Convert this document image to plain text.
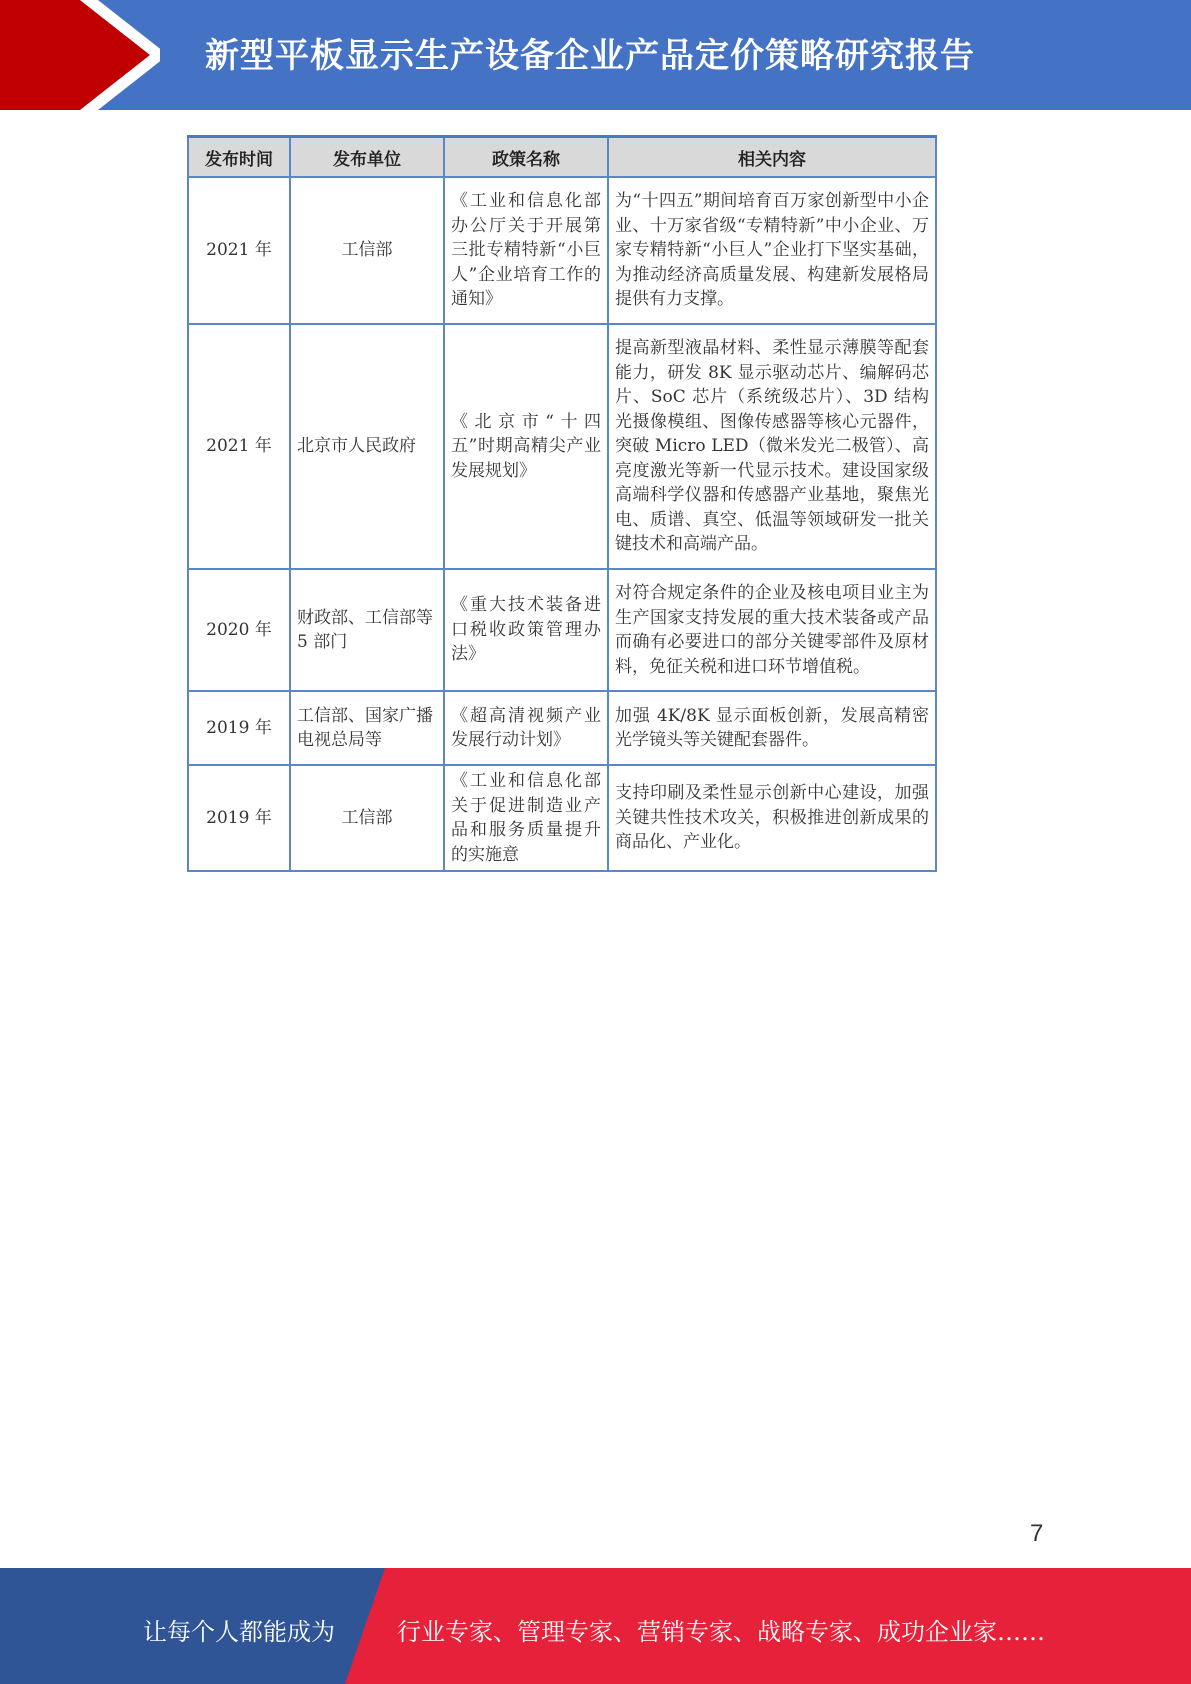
新型平板显示生产设备企业产品定价策略研究报告
发布时间	发布单位	政策名称	相关内容
2021 年	工信部	《工业和信息化部办公厅关于开展第三批专精特新“小巨人”企业培育工作的通知》	为“十四五”期间培育百万家创新型中小企业、十万家省级“专精特新”中小企业、万家专精特新“小巨人”企业打下坚实基础，为推动经济高质量发展、构建新发展格局提供有力支撑。
2021 年	北京市人民政府	《北京市“十四五”时期高精尖产业发展规划》	提高新型液晶材料、柔性显示薄膜等配套能力，研发 8K 显示驱动芯片、编解码芯片、SoC 芯片（系统级芯片）、3D 结构光摄像模组、图像传感器等核心元器件，突破 Micro LED（微米发光二极管）、高亮度激光等新一代显示技术。建设国家级高端科学仪器和传感器产业基地，聚焦光电、质谱、真空、低温等领域研发一批关键技术和高端产品。
2020 年	财政部、工信部等 5 部门	《重大技术装备进口税收政策管理办法》	对符合规定条件的企业及核电项目业主为生产国家支持发展的重大技术装备或产品而确有必要进口的部分关键零部件及原材料，免征关税和进口环节增值税。
2019 年	工信部、国家广播电视总局等	《超高清视频产业发展行动计划》	加强 4K/8K 显示面板创新，发展高精密光学镜头等关键配套器件。
2019 年	工信部	《工业和信息化部关于促进制造业产品和服务质量提升的实施意	支持印刷及柔性显示创新中心建设，加强关键共性技术攻关，积极推进创新成果的商品化、产业化。
7
让每个人都能成为	行业专家、管理专家、营销专家、战略专家、成功企业家……
